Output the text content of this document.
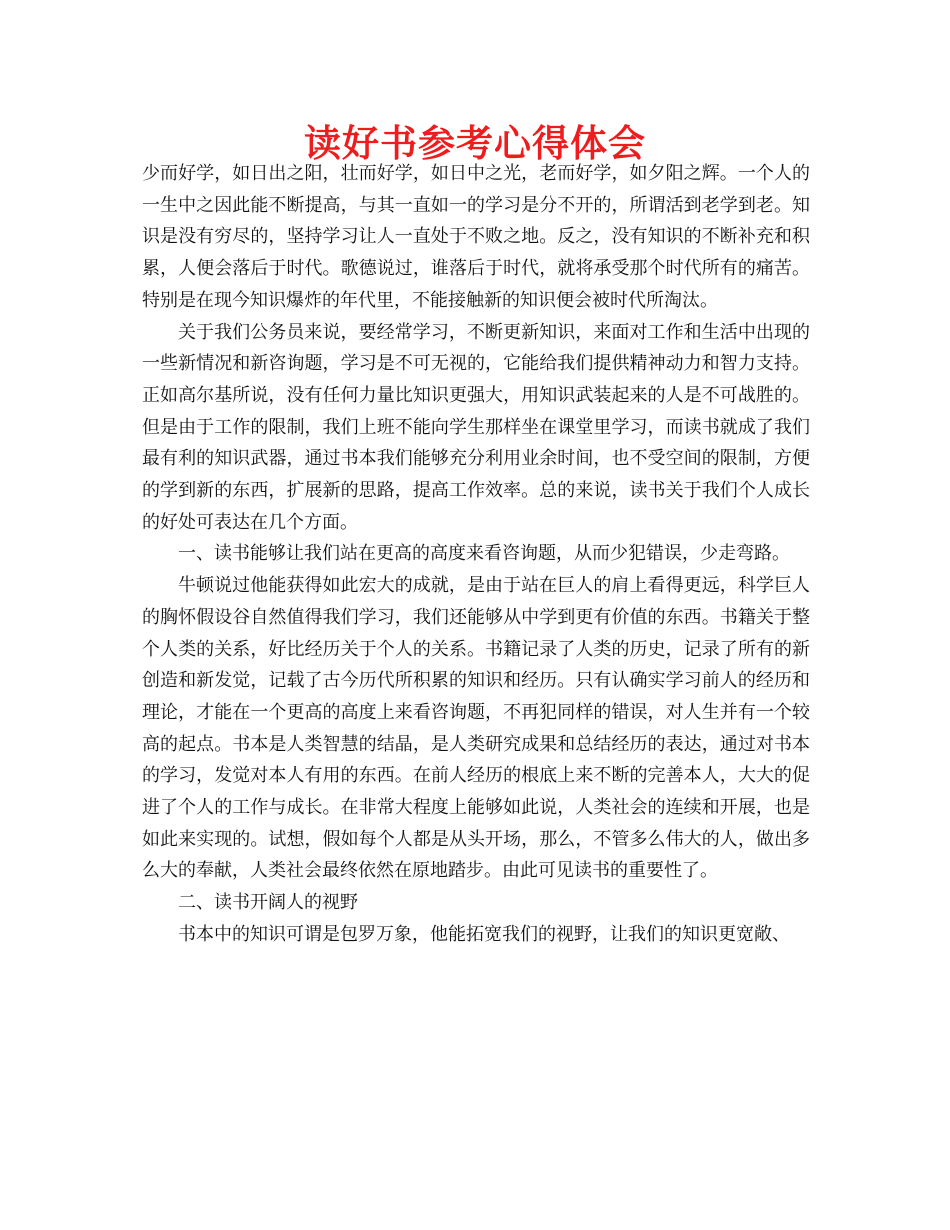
读好书参考心得体会

少而好学，如日出之阳，壮而好学，如日中之光，老而好学，如夕阳之辉。一个人的一生中之因此能不断提高，与其一直如一的学习是分不开的，所谓活到老学到老。知识是没有穷尽的，坚持学习让人一直处于不败之地。反之，没有知识的不断补充和积累，人便会落后于时代。歌德说过，谁落后于时代，就将承受那个时代所有的痛苦。特别是在现今知识爆炸的年代里，不能接触新的知识便会被时代所淘汰。

关于我们公务员来说，要经常学习，不断更新知识，来面对工作和生活中出现的一些新情况和新咨询题，学习是不可无视的，它能给我们提供精神动力和智力支持。正如高尔基所说，没有任何力量比知识更强大，用知识武装起来的人是不可战胜的。但是由于工作的限制，我们上班不能向学生那样坐在课堂里学习，而读书就成了我们最有利的知识武器，通过书本我们能够充分利用业余时间，也不受空间的限制，方便的学到新的东西，扩展新的思路，提高工作效率。总的来说，读书关于我们个人成长的好处可表达在几个方面。

一、读书能够让我们站在更高的高度来看咨询题，从而少犯错误，少走弯路。

牛顿说过他能获得如此宏大的成就，是由于站在巨人的肩上看得更远，科学巨人的胸怀假设谷自然值得我们学习，我们还能够从中学到更有价值的东西。书籍关于整个人类的关系，好比经历关于个人的关系。书籍记录了人类的历史，记录了所有的新创造和新发觉，记载了古今历代所积累的知识和经历。只有认确实学习前人的经历和理论，才能在一个更高的高度上来看咨询题，不再犯同样的错误，对人生并有一个较高的起点。书本是人类智慧的结晶，是人类研究成果和总结经历的表达，通过对书本的学习，发觉对本人有用的东西。在前人经历的根底上来不断的完善本人，大大的促进了个人的工作与成长。在非常大程度上能够如此说，人类社会的连续和开展，也是如此来实现的。试想，假如每个人都是从头开场，那么，不管多么伟大的人，做出多么大的奉献，人类社会最终依然在原地踏步。由此可见读书的重要性了。

二、读书开阔人的视野

书本中的知识可谓是包罗万象，他能拓宽我们的视野，让我们的知识更宽敞、
